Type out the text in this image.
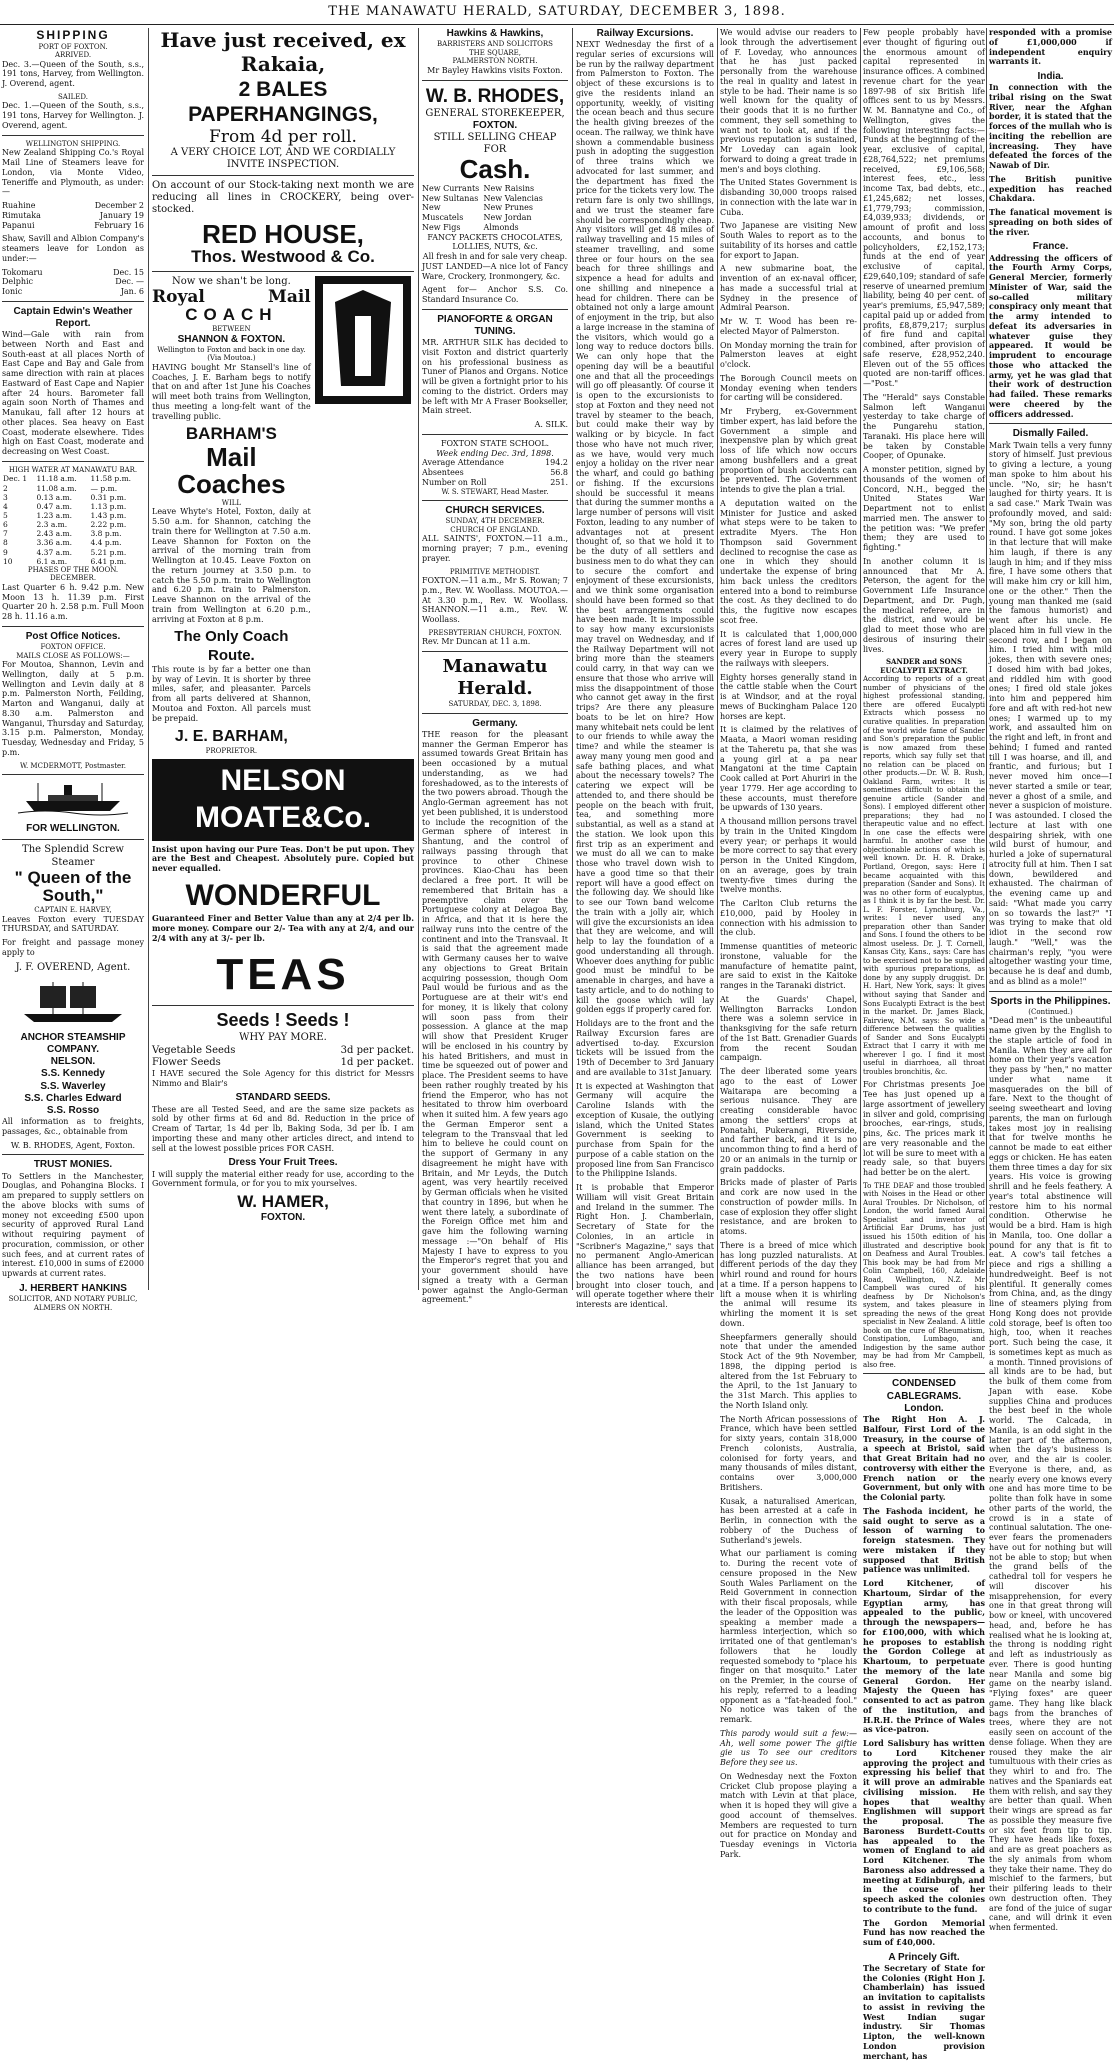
THE MANAWATU HERALD, SATURDAY, DECEMBER 3, 1898.
SHIPPING
PORT OF FOXTON.
ARRIVED.

Dec. 3.—Queen of the South, s.s., 191 tons, Harvey, from Wellington. J. Overend, agent.

SAILED.

Dec. 1.—Queen of the South, s.s., 191 tons, Harvey for Wellington. J. Overend, agent.

WELLINGTON SHIPPING.

New Zealand Shipping Co.'s Royal Mail Line of Steamers leave for London, via Monte Video, Teneriffe and Plymouth, as under:—

Ruahine	December 2
Rimutaka	January 19
Papanui	February 16

Shaw, Savill and Albion Company's steamers leave for London as under:—

Tokomaru	Dec. 15
Delphic	Dec. —
Ionic	Jan. 6
Captain Edwin's Weather Report.

Wind—Gale with rain from between North and East and South-east at all places North of East Cape and Bay and Gale from same direction with rain at places Eastward of East Cape and Napier after 24 hours. Barometer fall again soon North of Thames and Manukau, fall after 12 hours at other places. Sea heavy on East Coast, moderate elsewhere. Tides high on East Coast, moderate and decreasing on West Coast.

HIGH WATER AT MANAWATU BAR.
Dec. 1	11.18 a.m.	11.58 p.m.
2	11.08 a.m.	— p.m.
3	0.13 a.m.	0.31 p.m.
4	0.47 a.m.	1.13 p.m.
5	1.23 a.m.	1.43 p.m.
6	2.3 a.m.	2.22 p.m.
7	2.43 a.m.	3.8 p.m.
8	3.36 a.m.	4.4 p.m.
9	4.37 a.m.	5.21 p.m.
10	6.1 a.m.	6.41 p.m.
PHASES OF THE MOON.
DECEMBER.

Last Quarter 6 h. 9.42 p.m. New Moon 13 h. 11.39 p.m. First Quarter 20 h. 2.58 p.m. Full Moon 28 h. 11.16 a.m.

Post Office Notices.
FOXTON OFFICE.
MAILS CLOSE AS FOLLOWS:—

For Moutoa, Shannon, Levin and Wellington, daily at 5 p.m. Wellington and Levin daily at 8 p.m. Palmerston North, Feilding, Marton and Wanganui, daily at 8.30 a.m. Palmerston and Wanganui, Thursday and Saturday, 3.15 p.m. Palmerston, Monday, Tuesday, Wednesday and Friday, 5 p.m.

W. MCDERMOTT, Postmaster.
FOR WELLINGTON.
The Splendid Screw Steamer
" Queen of the South,"
CAPTAIN E. HARVEY,

Leaves Foxton every TUESDAY THURSDAY, and SATURDAY.

For freight and passage money apply to

J. F. OVEREND, Agent.
ANCHOR STEAMSHIP COMPANY.
NELSON.
S.S. Kennedy
S.S. Waverley
S.S. Charles Edward
S.S. Rosso

All information as to freights, passages, &c., obtainable from

W. B. RHODES, Agent, Foxton.
TRUST MONIES.

To Settlers in the Manchester, Douglas, and Pohangina Blocks. I am prepared to supply settlers on the above blocks with sums of money not exceeding £500 upon security of approved Rural Land without requiring payment of procuration, commission, or other such fees, and at current rates of interest. £10,000 in sums of £2000 upwards at current rates.

J. HERBERT HANKINS
SOLICITOR, AND NOTARY PUBLIC, ALMERS ON NORTH.
Have just received, ex Rakaia,
2 BALES PAPERHANGINGS,
From 4d per roll.
A VERY CHOICE LOT, AND WE CORDIALLY INVITE INSPECTION.

On account of our Stock-taking next month we are reducing all lines in CROCKERY, being over-stocked.

RED HOUSE,
Thos. Westwood & Co.
Now we shan't be long.
Royal	Mail
COACH
BETWEEN
SHANNON & FOXTON.
Wellington to Foxton and back in one day.
(Via Moutoa.)

HAVING bought Mr Stansell's line of Coaches, J. E. Barham begs to notify that on and after 1st June his Coaches will meet both trains from Wellington, thus meeting a long-felt want of the travelling public.

BARHAM'S
Mail Coaches
WILL

Leave Whyte's Hotel, Foxton, daily at 5.50 a.m. for Shannon, catching the train there for Wellington at 7.50 a.m. Leave Shannon for Foxton on the arrival of the morning train from Wellington at 10.45. Leave Foxton on the return journey at 3.50 p.m. to catch the 5.50 p.m. train to Wellington and 6.20 p.m. train to Palmerston. Leave Shannon on the arrival of the train from Wellington at 6.20 p.m., arriving at Foxton at 8 p.m.

The Only Coach Route.

This route is by far a better one than by way of Levin. It is shorter by three miles, safer, and pleasanter. Parcels from all parts delivered at Shannon, Moutoa and Foxton. All parcels must be prepaid.

J. E. BARHAM,
PROPRIETOR.
NELSON MOATE&Co.

Insist upon having our Pure Teas. Don't be put upon. They are the Best and Cheapest. Absolutely pure. Copied but never equalled.

WONDERFUL

Guaranteed Finer and Better Value than any at 2/4 per lb. more money. Compare our 2/- Tea with any at 2/4, and our 2/4 with any at 3/- per lb.

TEAS
Seeds ! Seeds !
WHY PAY MORE.
Vegetable Seeds	3d per packet.
Flower Seeds	1d per packet.

I HAVE secured the Sole Agency for this district for Messrs Nimmo and Blair's

STANDARD SEEDS.

These are all Tested Seed, and are the same size packets as sold by other firms at 6d and 8d. Reduction in the price of Cream of Tartar, 1s 4d per lb, Baking Soda, 3d per lb. I am importing these and many other articles direct, and intend to sell at the lowest possible prices FOR CASH.

Dress Your Fruit Trees.

I will supply the material either ready for use, according to the Government formula, or for you to mix yourselves.

W. HAMER,
FOXTON.
Hawkins & Hawkins,
BARRISTERS AND SOLICITORS
THE SQUARE,
PALMERSTON NORTH.
Mr Bayley Hawkins visits Foxton.
W. B. RHODES,
GENERAL STOREKEEPER,
FOXTON.
STILL SELLING CHEAP FOR
Cash.
New Currants
New Sultanas
New Muscatels
New Figs
New Raisins
New Valencias
New Prunes
New Jordan Almonds
FANCY PACKETS CHOCOLATES, LOLLIES, NUTS, &c.
All fresh in and for sale very cheap.

JUST LANDED—A nice lot of Fancy Ware, Crockery, Ironmongery, &c.

Agent for— Anchor S.S. Co. Standard Insurance Co.

PIANOFORTE & ORGAN TUNING.

MR. ARTHUR SILK has decided to visit Foxton and district quarterly on his professional business as Tuner of Pianos and Organs. Notice will be given a fortnight prior to his coming to the district. Orders may be left with Mr A Fraser Bookseller, Main street.

A. SILK.
FOXTON STATE SCHOOL.
Week ending Dec. 3rd, 1898.
Average Attendance	194.2
Absentees	56.8
Number on Roll	251.
W. S. STEWART, Head Master.
CHURCH SERVICES.
SUNDAY, 4TH DECEMBER.
CHURCH OF ENGLAND.

ALL SAINTS', FOXTON.—11 a.m., morning prayer; 7 p.m., evening prayer.

PRIMITIVE METHODIST.

FOXTON.—11 a.m., Mr S. Rowan; 7 p.m., Rev. W. Woollass. MOUTOA.—At 3.30 p.m., Rev. W. Woollass. SHANNON.—11 a.m., Rev. W. Woollass.

PRESBYTERIAN CHURCH, FOXTON.

Rev. Mr Duncan at 11 a.m.

Manawatu Herald.
SATURDAY, DEC. 3, 1898.
Germany.

THE reason for the pleasant manner the German Emperor has assumed towards Great Britain has been occasioned by a mutual understanding, as we had foreshadowed, as to the interests of the two powers abroad. Though the Anglo-German agreement has not yet been published, it is understood to include the recognition of the German sphere of interest in Shantung, and the control of railways passing through that province to other Chinese provinces. Kiao-Chau has been declared a free port. It will be remembered that Britain has a preemptive claim over the Portuguese colony at Delagoa Bay, in Africa, and that it is here the railway runs into the centre of the continent and into the Transvaal. It is said that the agreement made with Germany causes her to waive any objections to Great Britain acquiring possession, though Oom Paul would be furious and as the Portuguese are at their wit's end for money, it is likely that colony will soon pass from their possession. A glance at the map will show that President Kruger will be enclosed in his country by his hated Britishers, and must in time be squeezed out of power and place. The President seems to have been rather roughly treated by his friend the Emperor, who has not hesitated to throw him overboard when it suited him. A few years ago the German Emperor sent a telegram to the Transvaal that led him to believe he could count on the support of Germany in any disagreement he might have with Britain, and Mr Leyds, the Dutch agent, was very heartily received by German officials when he visited that country in 1896, but when he went there lately, a subordinate of the Foreign Office met him and gave him the following warning message :—"On behalf of His Majesty I have to express to you the Emperor's regret that you and your government should have signed a treaty with a German power against the Anglo-German agreement."

Railway Excursions.

NEXT Wednesday the first of a regular series of excursions will be run by the railway department from Palmerston to Foxton. The object of these excursions is to give the residents inland an opportunity, weekly, of visiting the ocean beach and thus secure the health giving breezes of the ocean. The railway, we think have shown a commendable business push in adopting the suggestion of three trains which we advocated for last summer, and the department has fixed the price for the tickets very low. The return fare is only two shillings, and we trust the steamer fare should be correspondingly cheap. Any visitors will get 48 miles of railway travelling and 15 miles of steamer travelling, and some three or four hours on the sea beach for three shillings and sixpence a head for adults and one shilling and ninepence a head for children. There can be obtained not only a large amount of enjoyment in the trip, but also a large increase in the stamina of the visitors, which would go a long way to reduce doctors bills. We can only hope that the opening day will be a beautiful one and that all the proceedings will go off pleasantly. Of course it is open to the excursionists to stop at Foxton and they need not travel by steamer to the beach, but could make their way by walking or by bicycle. In fact those who have not much river, as we have, would very much enjoy a holiday on the river near the wharf, and could go bathing or fishing. If the excursions should be successful it means that during the summer months a large number of persons will visit Foxton, leading to any number of advantages not at present thought of, so that we hold it to be the duty of all settlers and business men to do what they can to secure the comfort and enjoyment of these excursionists, and we think some organisation should have been formed so that the best arrangements could have been made. It is impossible to say how many excursionists may travel on Wednesday, and if the Railway Department will not bring more than the steamers could carry, in that way can we ensure that those who arrive will miss the disappointment of those who cannot get away in the first trips? Are there any pleasure boats to be let on hire? How many whitebait nets could be lent to our friends to while away the time? and while the steamer is away many young men good and safe bathing places, and what about the necessary towels? The catering we expect will be attended to, and there should be people on the beach with fruit, tea, and something more substantial, as well as a stand at the station. We look upon this first trip as an experiment and we must do all we can to make those who travel down wish to have a good time so that their report will have a good effect on the following day. We should like to see our Town band welcome the train with a jolly air, which will give the excursionists an idea that they are welcome, and will help to lay the foundation of a good understanding all through. Whoever does anything for public good must be mindful to be amenable in charges, and have a tasty article, and to do nothing to kill the goose which will lay golden eggs if properly cared for.

Holidays are to the front and the Railway Excursion fares are advertised to-day. Excursion tickets will be issued from the 19th of December to 3rd January and are available to 31st January.

It is expected at Washington that Germany will acquire the Caroline Islands with the exception of Kusaie, the outlying island, which the United States Government is seeking to purchase from Spain for the purpose of a cable station on the proposed line from San Francisco to the Philippine Islands.

It is probable that Emperor William will visit Great Britain and Ireland in the summer. The Right Hon. J. Chamberlain, Secretary of State for the Colonies, in an article in "Scribner's Magazine," says that no permanent Anglo-American alliance has been arranged, but the two nations have been brought into closer touch, and will operate together where their interests are identical.

We would advise our readers to look through the advertisement of F. Loveday, who announces that he has just packed personally from the warehouse the real in quality and latest in style to be had. Their name is so well known for the quality of their goods that it is no further comment, they sell something to want not to look at, and if the previous reputation is sustained, Mr Loveday can again look forward to doing a great trade in men's and boys clothing.

The United States Government is disbanding 30,000 troops raised in connection with the late war in Cuba.

Two Japanese are visiting New South Wales to report as to the suitability of its horses and cattle for export to Japan.

A new submarine boat, the invention of an ex-naval officer, has made a successful trial at Sydney in the presence of Admiral Pearson.

Mr W. T. Wood has been re-elected Mayor of Palmerston.

On Monday morning the train for Palmerston leaves at eight o'clock.

The Borough Council meets on Monday evening when tenders for carting will be considered.

Mr Fryberg, ex-Government timber expert, has laid before the Government a simple and inexpensive plan by which great loss of life which now occurs among bushfellers and a great proportion of bush accidents can be prevented. The Government intends to give the plan a trial.

A deputation waited on the Minister for Justice and asked what steps were to be taken to extradite Myers. The Hon Thompson said Government declined to recognise the case as one in which they should undertake the expense of bring him back unless the creditors entered into a bond to reimburse the cost. As they declined to do this, the fugitive now escapes scot free.

It is calculated that 1,000,000 acres of forest land are used up every year in Europe to supply the railways with sleepers.

Eighty horses generally stand in the cattle stable when the Court is at Windsor, and at the royal mews of Buckingham Palace 120 horses are kept.

It is claimed by the relatives of Maata, a Maori woman residing at the Taheretu pa, that she was a young girl at a pa near Mangatoni at the time Captain Cook called at Port Ahuriri in the year 1779. Her age according to these accounts, must therefore be upwards of 130 years.

A thousand million persons travel by train in the United Kingdom every year; or perhaps it would be more correct to say that every person in the United Kingdom, on an average, goes by train twenty-five times during the twelve months.

The Carlton Club returns the £10,000, paid by Hooley in connection with his admission to the club.

Immense quantities of meteoric ironstone, valuable for the manufacture of hematite paint, are said to exist in the Kaitoke ranges in the Taranaki district.

At the Guards' Chapel, Wellington Barracks London there was a solemn service in thanksgiving for the safe return of the 1st Batt. Grenadier Guards from the recent Soudan campaign.

The deer liberated some years ago to the east of Lower Waitarapa are becoming a serious nuisance. They are creating considerable havoc among the settlers' crops at Ponatahi, Pukerangi, Riverside, and farther back, and it is no uncommon thing to find a herd of 20 or an animals in the turnip or grain paddocks.

Bricks made of plaster of Paris and cork are now used in the construction of powder mills. In case of explosion they offer slight resistance, and are broken to atoms.

There is a breed of mice which has long puzzled naturalists. At different periods of the day they whirl round and round for hours at a time. If a person happens to lift a mouse when it is whirling the animal will resume its whirling the moment it is set down.

Sheepfarmers generally should note that under the amended Stock Act of the 9th November, 1898, the dipping period is altered from the 1st February to the April, to the 1st January to the 31st March. This applies to the North Island only.

The North African possessions of France, which have been settled for sixty years, contain 318,000 French colonists, Australia, colonised for forty years, and many thousands of miles distant, contains over 3,000,000 Britishers.

Kusak, a naturalised American, has been arrested at a cafe in Berlin, in connection with the robbery of the Duchess of Sutherland's jewels.

What our parliament is coming to. During the recent vote of censure proposed in the New South Wales Parliament on the Reid Government in connection with their fiscal proposals, while the leader of the Opposition was speaking a member made a harmless interjection, which so irritated one of that gentleman's followers that he loudly requested somebody to "place his finger on that mosquito." Later on the Premier, in the course of his reply, referred to a leading opponent as a "fat-headed fool." No notice was taken of the remark.

This parody would suit a few:— Ah, well some power The giftie gie us To see our creditors Before they see us.

On Wednesday next the Foxton Cricket Club propose playing a match with Levin at that place, when it is hoped they will give a good account of themselves. Members are requested to turn out for practice on Monday and Tuesday evenings in Victoria Park.

Few people probably have ever thought of figuring out the enormous amount of capital represented in insurance offices. A combined revenue chart for the year 1897-98 of six British life offices sent to us by Messrs. W. M. Bannatyne and Co., of Wellington, gives the following interesting facts:—Funds at the beginning of the year, exclusive of capital, £28,764,522; net premiums received, £9,106,568; interest fees, etc., less income Tax, bad debts, etc., £1,245,682; net losses, £1,779,793; commission, £4,039,933; dividends, or amount of profit and loss accounts, and bonus to policyholders, £2,152,173; funds at the end of year exclusive of capital, £29,640,109; standard of safe reserve of unearned premium liability, being 40 per cent. of year's premiums, £5,947,589; capital paid up or added from profits, £8,879,217; surplus of fire fund and capital combined, after provision of safe reserve, £28,952,240. Eleven out of the 55 offices quoted are non-tariff offices.—"Post."

The "Herald" says Constable Salmon left Wanganui yesterday to take charge of the Pungarehu station, Taranaki. His place here will be taken by Constable Cooper, of Opunake.

A monster petition, signed by thousands of the women of Concord, N.H., begged the United States War Department not to enlist married men. The answer to the petition was: "We prefer them; they are used to fighting."

In another column it is announced that Mr A. Peterson, the agent for the Government Life Insurance Department, and Dr. Pugh, the medical referee, are in the district, and would be glad to meet those who are desirous of insuring their lives.

SANDER and SONS EUCALYPTI EXTRACT.

According to reports of a great number of physicians of the highest professional standing, there are offered Eucalypti Extracts which possess no curative qualities. In preparation of the world wide fame of Sander and Son's preparation the public is now amazed from these reports, which say fully set that no relation can be placed on other products.—Dr. W. B. Rush, Oakland Farm, writes: It is sometimes difficult to obtain the genuine article (Sander and Sons). I employed different other preparations; they had no therapeutic value and no effect. In one case the effects were harmful. In another case the objectionable actions of which is well known. Dr. H. R. Drake, Portland, Oregon, says: Here I became acquainted with this preparation (Sander and Sons). It was no other form of eucalyptus, as I think it is by far the best. Dr. L. F. Forster, Lynchburg, Va., writes: I never used any preparation other than Sander and Sons. I found the others to be almost useless. Dr. J. T. Cornell, Kansas City, Kans., says: Care has to be exercised not to be supplied with spurious preparations, as done by any supply druggist. Dr. H. Hart, New York, says: It gives without saying that Sander and Sons Eucalypti Extract is the best in the market. Dr. James Black, Fairview, N.M. says: So wide a difference between the qualities of Sander and Sons Eucalypti Extract that I carry it with me wherever I go. I find it most useful in diarrhoea, all throat troubles bronchitis, &c.

For Christmas presents Joe Tee has just opened up a large assortment of jewellery in silver and gold, comprising brooches, ear-rings, studs, pins, &c. The prices mark it are very reasonable and the lot will be sure to meet with a ready sale, so that buyers had better be on the alert.

To THE DEAF and those troubled with Noises in the Head or other Aural Troubles. Dr Nicholson, of London, the world famed Aural Specialist and inventor of Artificial Ear Drums, has just issued his 150th edition of his illustrated and descriptive book on Deafness and Aural Troubles. This book may be had from Mr Colin Campbell, 160, Adelaide Road, Wellington, N.Z. Mr Campbell was cured of his deafness by Dr Nicholson's system, and takes pleasure in spreading the news of the great specialist in New Zealand. A little book on the cure of Rheumatism, Constipation, Lumbago, and Indigestion by the same author may be had from Mr Campbell, also free.

CONDENSED CABLEGRAMS.
London.

The Right Hon A. J. Balfour, First Lord of the Treasury, in the course of a speech at Bristol, said that Great Britain had no controversy with either the French nation or the Government, but only with the Colonial party.

The Fashoda incident, he said ought to serve as a lesson of warning to foreign statesmen. They were mistaken if they supposed that British patience was unlimited.

Lord Kitchener, of Khartoum, Sirdar of the Egyptian army, has appealed to the public, through the newspapers—for £100,000, with which he proposes to establish the Gordon College at Khartoum, to perpetuate the memory of the late General Gordon. Her Majesty the Queen has consented to act as patron of the institution, and H.R.H. the Prince of Wales as vice-patron.

Lord Salisbury has written to Lord Kitchener approving the project and expressing his belief that it will prove an admirable civilising mission. He hopes that wealthy Englishmen will support the proposal. The Baroness Burdett-Coutts has appealed to the women of England to aid Lord Kitchener. The Baroness also addressed a meeting at Edinburgh, and in the course of her speech asked the colonies to contribute to the fund.

The Gordon Memorial Fund has now reached the sum of £40,000.

A Princely Gift.

The Secretary of State for the Colonies (Right Hon J. Chamberlain) has issued an invitation to capitalists to assist in reviving the West Indian sugar industry. Sir Thomas Lipton, the well-known London provision merchant, has

responded with a promise of £1,000,000 if independent enquiry warrants it.

India.

In connection with the tribal rising on the Swat River, near the Afghan border, it is stated that the forces of the mullah who is inciting the rebellion are increasing. They have defeated the forces of the Nawab of Dir.

The British punitive expedition has reached Chakdara.

The fanatical movement is spreading on both sides of the river.

France.

Addressing the officers of the Fourth Army Corps, General Mercier, formerly Minister of War, said the so-called military conspiracy only meant that the army intended to defeat its adversaries in whatever guise they appeared. It would be imprudent to encourage those who attacked the army, yet he was glad that their work of destruction had failed. These remarks were cheered by the officers addressed.

Dismally Failed.

Mark Twain tells a very funny story of himself. Just previous to giving a lecture, a young man spoke to him about his uncle. "No, sir; he hasn't laughed for thirty years. It is a sad case." Mark Twain was profoundly moved, and said: "My son, bring the old party round. I have got some jokes in that lecture that will make him laugh, if there is any laugh in him; and if they miss fire, I have some others that will make him cry or kill him, one or the other." Then the young man thanked me (said the famous humorist) and went after his uncle. He placed him in full view in the second row, and I began on him. I tried him with mild jokes, then with severe ones; I dosed him with bad jokes, and riddled him with good ones; I fired old stale jokes into him and peppered him fore and aft with red-hot new ones; I warmed up to my work, and assaulted him on the right and left, in front and behind; I fumed and ranted till I was hoarse, and ill, and frantic, and furious; but I never moved him once—I never started a smile or tear, never a ghost of a smile, and never a suspicion of moisture. I was astounded. I closed the lecture at last with one despairing shriek, with one wild burst of humour, and hurled a joke of supernatural atrocity full at him. Then I sat down, bewildered and exhausted. The chairman of the evening came up and said: "What made you carry on so towards the last?" "I was trying to make that old idiot in the second row laugh." "Well," was the chairman's reply, "you were altogether wasting your time, because he is deaf and dumb, and as blind as a mole!"

Sports in the Philippines.
(Continued.)

"Dead men" is the unbeautiful name given by the English to the staple article of food in Manila. When they are all for home on their year's vacation they pass by "hen," no matter under what name it masquerades on the bill of fare. Next to the thought of seeing sweetheart and loving parents, the man on furlough takes most joy in realising that for twelve months he cannot be made to eat either eggs or chicken. He has eaten them three times a day for six years. His voice is growing shrill and he feels feathery. A year's total abstinence will restore him to his normal condition. Otherwise he would be a bird. Ham is high in Manila, too. One dollar a pound for any that is fit to eat. A cow's tail fetches a piece and rigs a shilling a hundredweight. Beef is not plentiful. It generally comes from China, and, as the dingy line of steamers plying from Hong Kong does not provide cold storage, beef is often too high, too, when it reaches port. Such being the case, it is sometimes kept as much as a month. Tinned provisions of all kinds are to be had, but the bulk of them come from Japan with ease. Kobe supplies China and produces the best beef in the whole world. The Calcada, in Manila, is an odd sight in the latter part of the afternoon, when the day's business is over, and the air is cooler. Everyone is there, and, as nearly every one knows every one and has more time to be polite than folk have in some other parts of the world, the crowd is in a state of continual salutation. The one-ever fears the promenaders have out for nothing but will not be able to stop; but when the grand bells of the cathedral toll for vespers he will discover his misapprehension, for every one in that great throng will bow or kneel, with uncovered head, and, before he has realised what he is looking at, the throng is nodding right and left as industriously as ever. There is good hunting near Manila and some big game on the nearby island. "Flying foxes" are queer game. They hang like black bags from the branches of trees, where they are not easily seen on account of the dense foliage. When they are roused they make the air tumultuous with their cries as they whirl to and fro. The natives and the Spaniards eat them with relish, and say they are better than quail. When their wings are spread as far as possible they measure five or six feet from tip to tip. They have heads like foxes, and are as great poachers as the sly animals from whom they take their name. They do mischief to the farmers, but their pilfering leads to their own destruction often. They are fond of the juice of sugar cane, and will drink it even when fermented.
